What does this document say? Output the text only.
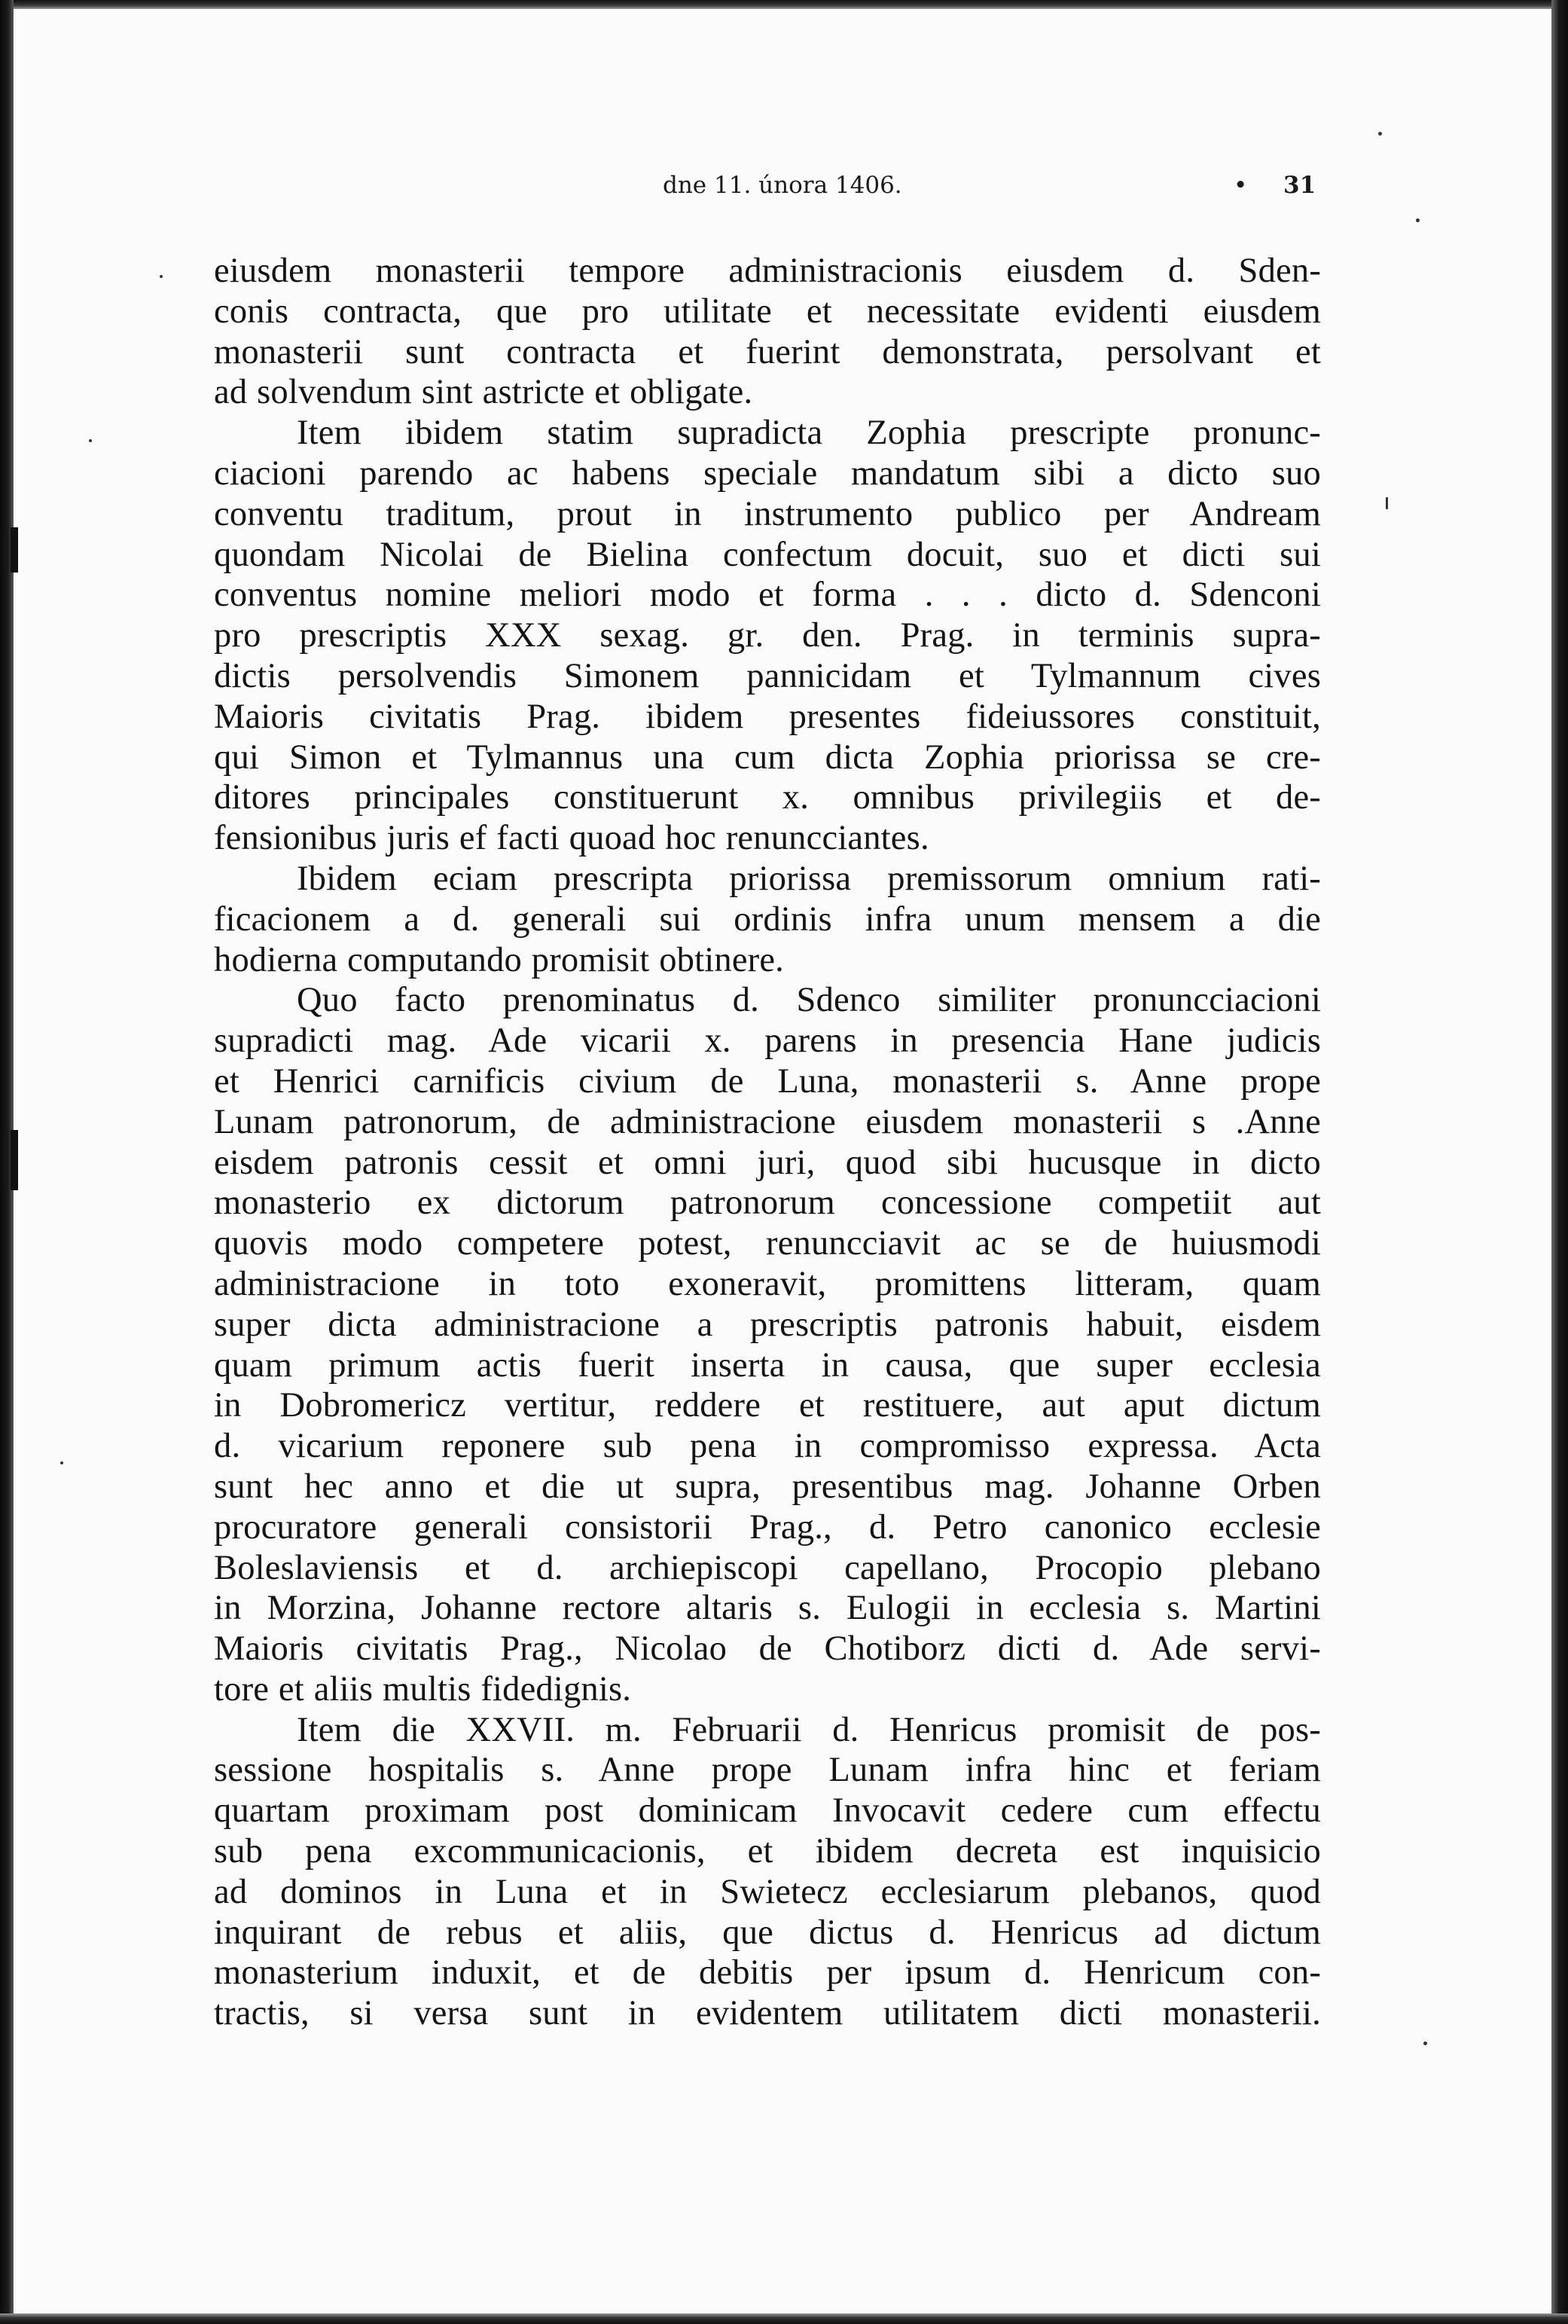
dne 11. února 1406.	• 31
eiusdem monasterii tempore administracionis eiusdem d. Sden-
conis contracta, que pro utilitate et necessitate evidenti eiusdem
monasterii sunt contracta et fuerint demonstrata, persolvant et
ad solvendum sint astricte et obligate.
Item ibidem statim supradicta Zophia prescripte pronunc-
ciacioni parendo ac habens speciale mandatum sibi a dicto suo
conventu traditum, prout in instrumento publico per Andream
quondam Nicolai de Bielina confectum docuit, suo et dicti sui
conventus nomine meliori modo et forma . . . dicto d. Sdenconi
pro prescriptis XXX sexag. gr. den. Prag. in terminis supra-
dictis persolvendis Simonem pannicidam et Tylmannum cives
Maioris civitatis Prag. ibidem presentes fideiussores constituit,
qui Simon et Tylmannus una cum dicta Zophia priorissa se cre-
ditores principales constituerunt x. omnibus privilegiis et de-
fensionibus juris ef facti quoad hoc renuncciantes.
Ibidem eciam prescripta priorissa premissorum omnium rati-
ficacionem a d. generali sui ordinis infra unum mensem a die
hodierna computando promisit obtinere.
Quo facto prenominatus d. Sdenco similiter pronuncciacioni
supradicti mag. Ade vicarii x. parens in presencia Hane judicis
et Henrici carnificis civium de Luna, monasterii s. Anne prope
Lunam patronorum, de administracione eiusdem monasterii s .Anne
eisdem patronis cessit et omni juri, quod sibi hucusque in dicto
monasterio ex dictorum patronorum concessione competiit aut
quovis modo competere potest, renuncciavit ac se de huiusmodi
administracione in toto exoneravit, promittens litteram, quam
super dicta administracione a prescriptis patronis habuit, eisdem
quam primum actis fuerit inserta in causa, que super ecclesia
in Dobromericz vertitur, reddere et restituere, aut aput dictum
d. vicarium reponere sub pena in compromisso expressa. Acta
sunt hec anno et die ut supra, presentibus mag. Johanne Orben
procuratore generali consistorii Prag., d. Petro canonico ecclesie
Boleslaviensis et d. archiepiscopi capellano, Procopio plebano
in Morzina, Johanne rectore altaris s. Eulogii in ecclesia s. Martini
Maioris civitatis Prag., Nicolao de Chotiborz dicti d. Ade servi-
tore et aliis multis fidedignis.
Item die XXVII. m. Februarii d. Henricus promisit de pos-
sessione hospitalis s. Anne prope Lunam infra hinc et feriam
quartam proximam post dominicam Invocavit cedere cum effectu
sub pena excommunicacionis, et ibidem decreta est inquisicio
ad dominos in Luna et in Swietecz ecclesiarum plebanos, quod
inquirant de rebus et aliis, que dictus d. Henricus ad dictum
monasterium induxit, et de debitis per ipsum d. Henricum con-
tractis, si versa sunt in evidentem utilitatem dicti monasterii.
